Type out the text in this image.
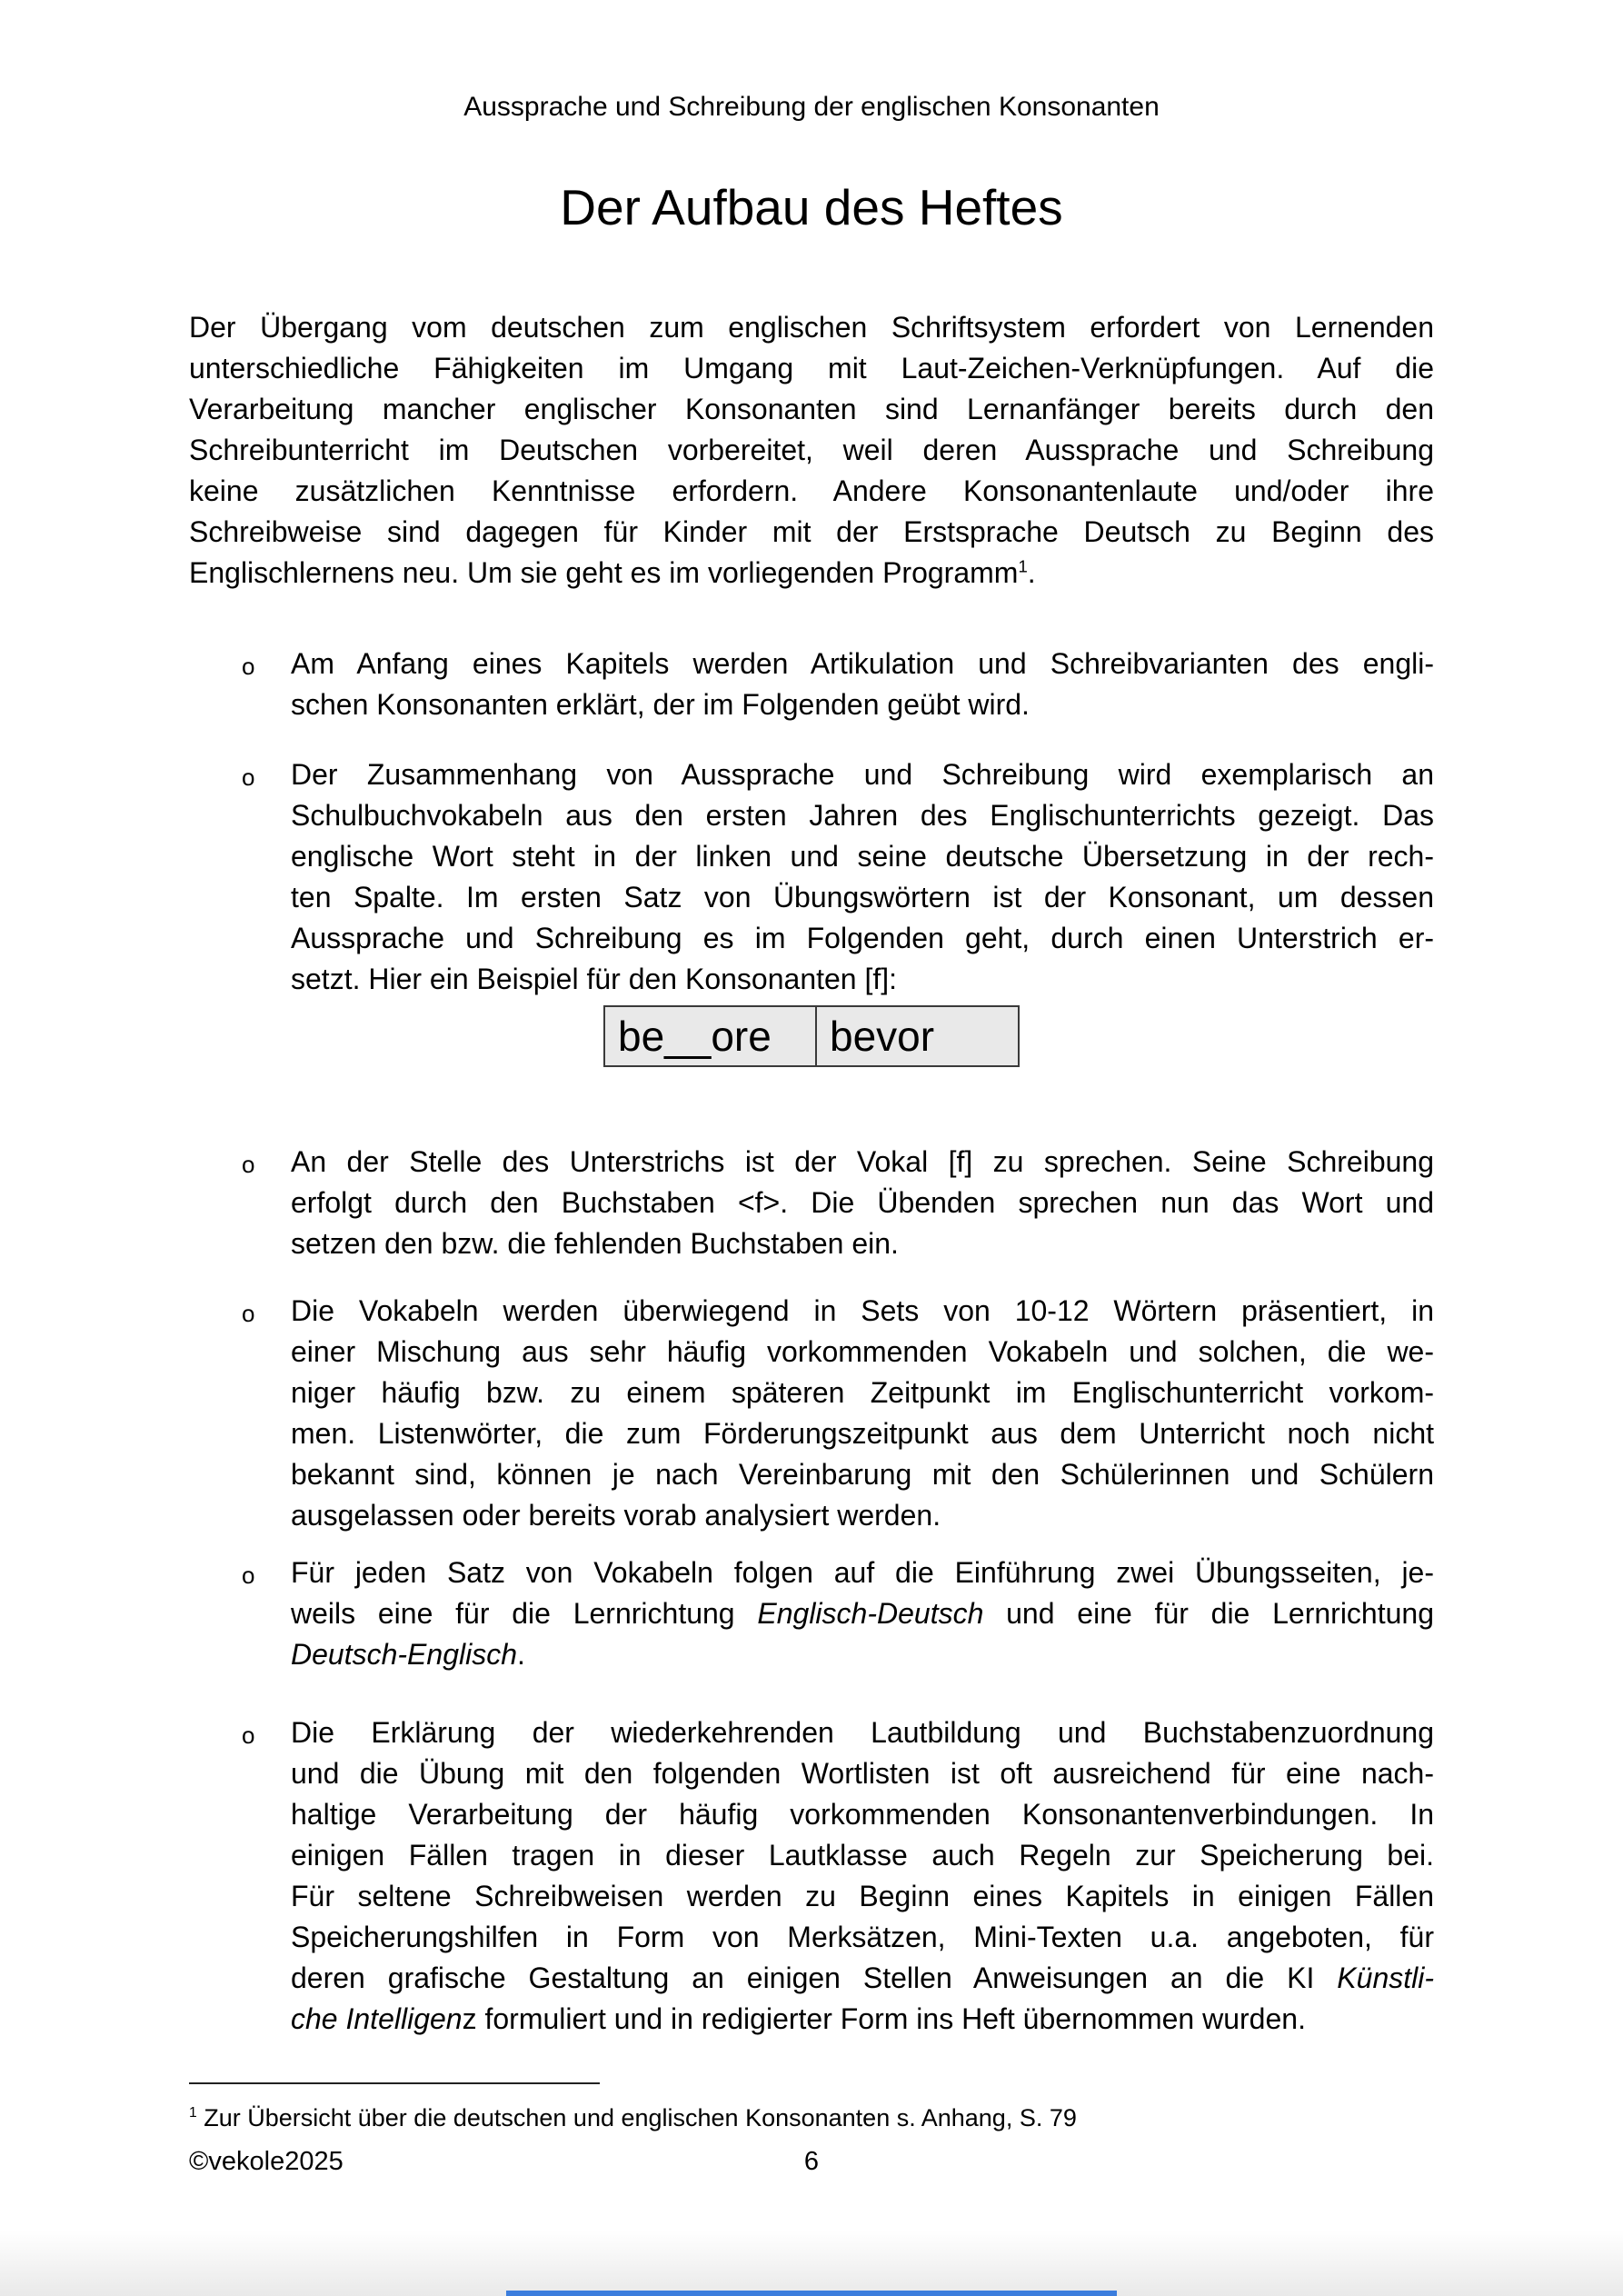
Aussprache und Schreibung der englischen Konsonanten
Der Aufbau des Heftes
Der Übergang vom deutschen zum englischen Schriftsystem erfordert von Lernenden
unterschiedliche Fähigkeiten im Umgang mit Laut-Zeichen-Verknüpfungen. Auf die
Verarbeitung mancher englischer Konsonanten sind Lernanfänger bereits durch den
Schreibunterricht im Deutschen vorbereitet, weil deren Aussprache und Schreibung
keine zusätzlichen Kenntnisse erfordern. Andere Konsonantenlaute und/oder ihre
Schreibweise sind dagegen für Kinder mit der Erstsprache Deutsch zu Beginn des
Englischlernens neu. Um sie geht es im vorliegenden Programm$^1$.
o Am Anfang eines Kapitels werden Artikulation und Schreibvarianten des engli-
schen Konsonanten erklärt, der im Folgenden geübt wird.
o Der Zusammenhang von Aussprache und Schreibung wird exemplarisch an
Schulbuchvokabeln aus den ersten Jahren des Englischunterrichts gezeigt. Das
englische Wort steht in der linken und seine deutsche Übersetzung in der rech-
ten Spalte. Im ersten Satz von Übungswörtern ist der Konsonant, um dessen
Aussprache und Schreibung es im Folgenden geht, durch einen Unterstrich er-
setzt. Hier ein Beispiel für den Konsonanten [f]:
be__ore	bevor
o An der Stelle des Unterstrichs ist der Vokal [f] zu sprechen. Seine Schreibung
erfolgt durch den Buchstaben <f>. Die Übenden sprechen nun das Wort und
setzen den bzw. die fehlenden Buchstaben ein.
o Die Vokabeln werden überwiegend in Sets von 10-12 Wörtern präsentiert, in
einer Mischung aus sehr häufig vorkommenden Vokabeln und solchen, die we-
niger häufig bzw. zu einem späteren Zeitpunkt im Englischunterricht vorkom-
men. Listenwörter, die zum Förderungszeitpunkt aus dem Unterricht noch nicht
bekannt sind, können je nach Vereinbarung mit den Schülerinnen und Schülern
ausgelassen oder bereits vorab analysiert werden.
o Für jeden Satz von Vokabeln folgen auf die Einführung zwei Übungsseiten, je-
weils eine für die Lernrichtung Englisch-Deutsch und eine für die Lernrichtung
Deutsch-Englisch.
o Die Erklärung der wiederkehrenden Lautbildung und Buchstabenzuordnung
und die Übung mit den folgenden Wortlisten ist oft ausreichend für eine nach-
haltige Verarbeitung der häufig vorkommenden Konsonantenverbindungen. In
einigen Fällen tragen in dieser Lautklasse auch Regeln zur Speicherung bei.
Für seltene Schreibweisen werden zu Beginn eines Kapitels in einigen Fällen
Speicherungshilfen in Form von Merksätzen, Mini-Texten u.a. angeboten, für
deren grafische Gestaltung an einigen Stellen Anweisungen an die KI Künstli-
che Intelligenz formuliert und in redigierter Form ins Heft übernommen wurden.
$^1$ Zur Übersicht über die deutschen und englischen Konsonanten s. Anhang, S. 79
©vekole2025	6
